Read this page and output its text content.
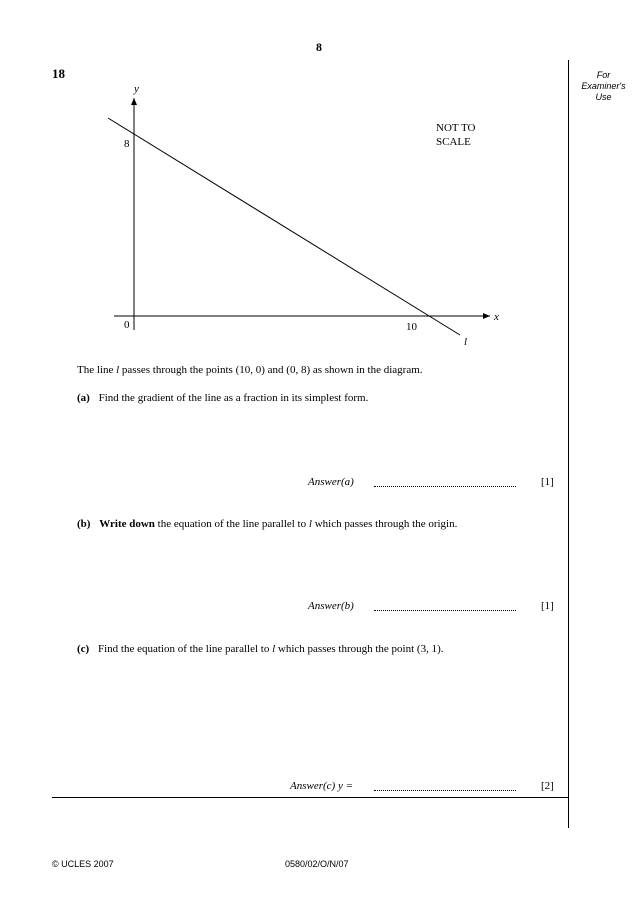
8
18	For
Examiner's
Use
y
x
0
8
10
l
NOT TO
SCALE
The line l passes through the points (10, 0) and (0, 8) as shown in the diagram.
(a) Find the gradient of the line as a fraction in its simplest form.
Answer(a)	[1]
(b) Write down the equation of the line parallel to l which passes through the origin.
Answer(b)	[1]
(c) Find the equation of the line parallel to l which passes through the point (3, 1).
Answer(c) y =	[2]
© UCLES 2007	0580/02/O/N/07
